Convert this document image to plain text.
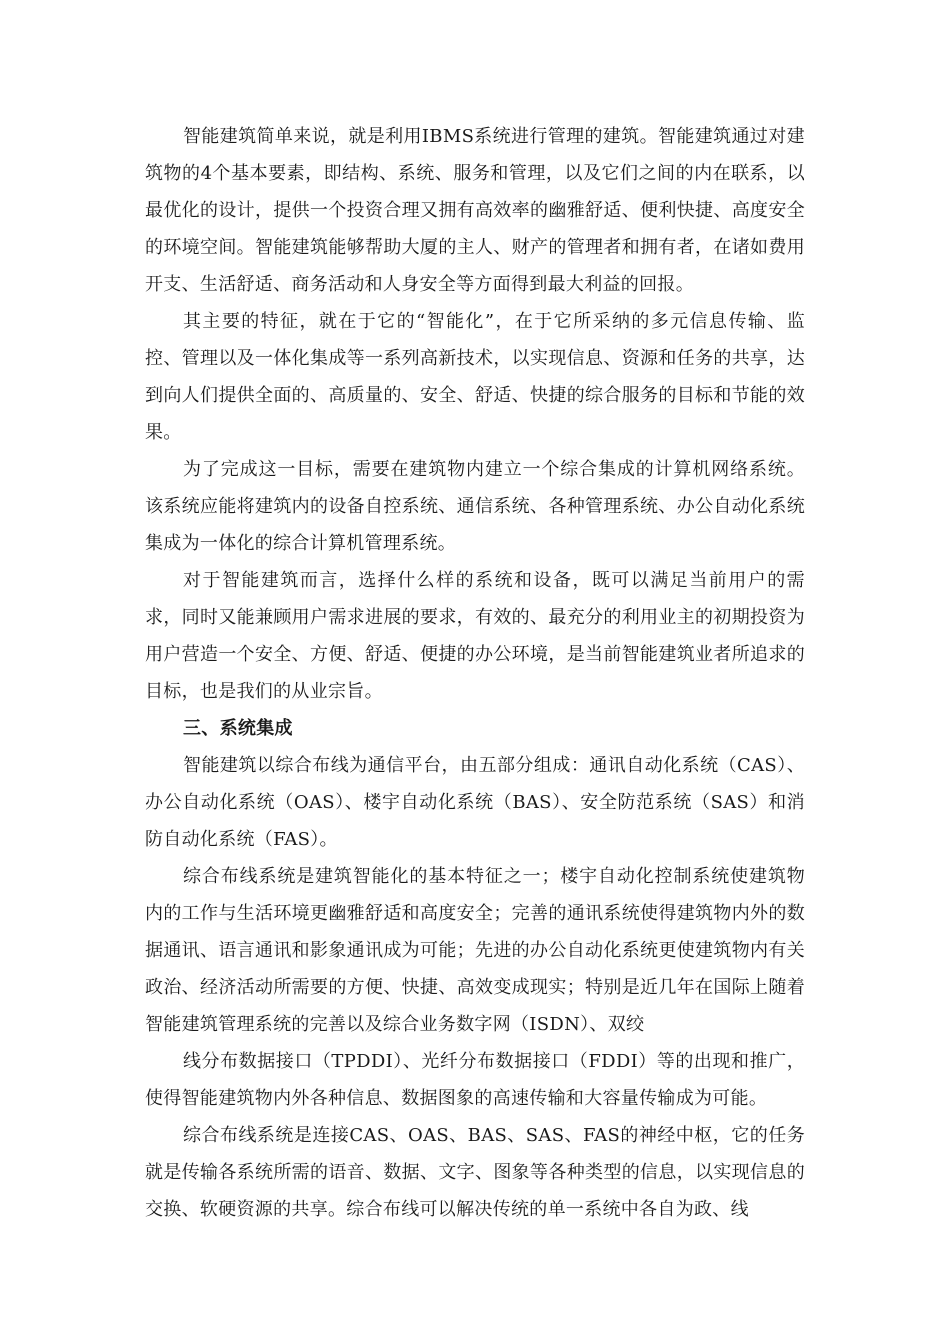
智能建筑简单来说，就是利用IBMS系统进行管理的建筑。智能建筑通过对建筑物的4个基本要素，即结构、系统、服务和管理，以及它们之间的内在联系，以最优化的设计，提供一个投资合理又拥有高效率的幽雅舒适、便利快捷、高度安全的环境空间。智能建筑能够帮助大厦的主人、财产的管理者和拥有者，在诸如费用开支、生活舒适、商务活动和人身安全等方面得到最大利益的回报。

其主要的特征，就在于它的“智能化”，在于它所采纳的多元信息传输、监控、管理以及一体化集成等一系列高新技术，以实现信息、资源和任务的共享，达到向人们提供全面的、高质量的、安全、舒适、快捷的综合服务的目标和节能的效果。

为了完成这一目标，需要在建筑物内建立一个综合集成的计算机网络系统。该系统应能将建筑内的设备自控系统、通信系统、各种管理系统、办公自动化系统集成为一体化的综合计算机管理系统。

对于智能建筑而言，选择什么样的系统和设备，既可以满足当前用户的需求，同时又能兼顾用户需求进展的要求，有效的、最充分的利用业主的初期投资为用户营造一个安全、方便、舒适、便捷的办公环境，是当前智能建筑业者所追求的目标，也是我们的从业宗旨。

三、系统集成

智能建筑以综合布线为通信平台，由五部分组成：通讯自动化系统（CAS）、办公自动化系统（OAS）、楼宇自动化系统（BAS）、安全防范系统（SAS）和消防自动化系统（FAS）。

综合布线系统是建筑智能化的基本特征之一；楼宇自动化控制系统使建筑物内的工作与生活环境更幽雅舒适和高度安全；完善的通讯系统使得建筑物内外的数据通讯、语言通讯和影象通讯成为可能；先进的办公自动化系统更使建筑物内有关政治、经济活动所需要的方便、快捷、高效变成现实；特别是近几年在国际上随着智能建筑管理系统的完善以及综合业务数字网（ISDN）、双绞

线分布数据接口（TPDDI）、光纤分布数据接口（FDDI）等的出现和推广，使得智能建筑物内外各种信息、数据图象的高速传输和大容量传输成为可能。

综合布线系统是连接CAS、OAS、BAS、SAS、FAS的神经中枢，它的任务就是传输各系统所需的语音、数据、文字、图象等各种类型的信息，以实现信息的交换、软硬资源的共享。综合布线可以解决传统的单一系统中各自为政、线
